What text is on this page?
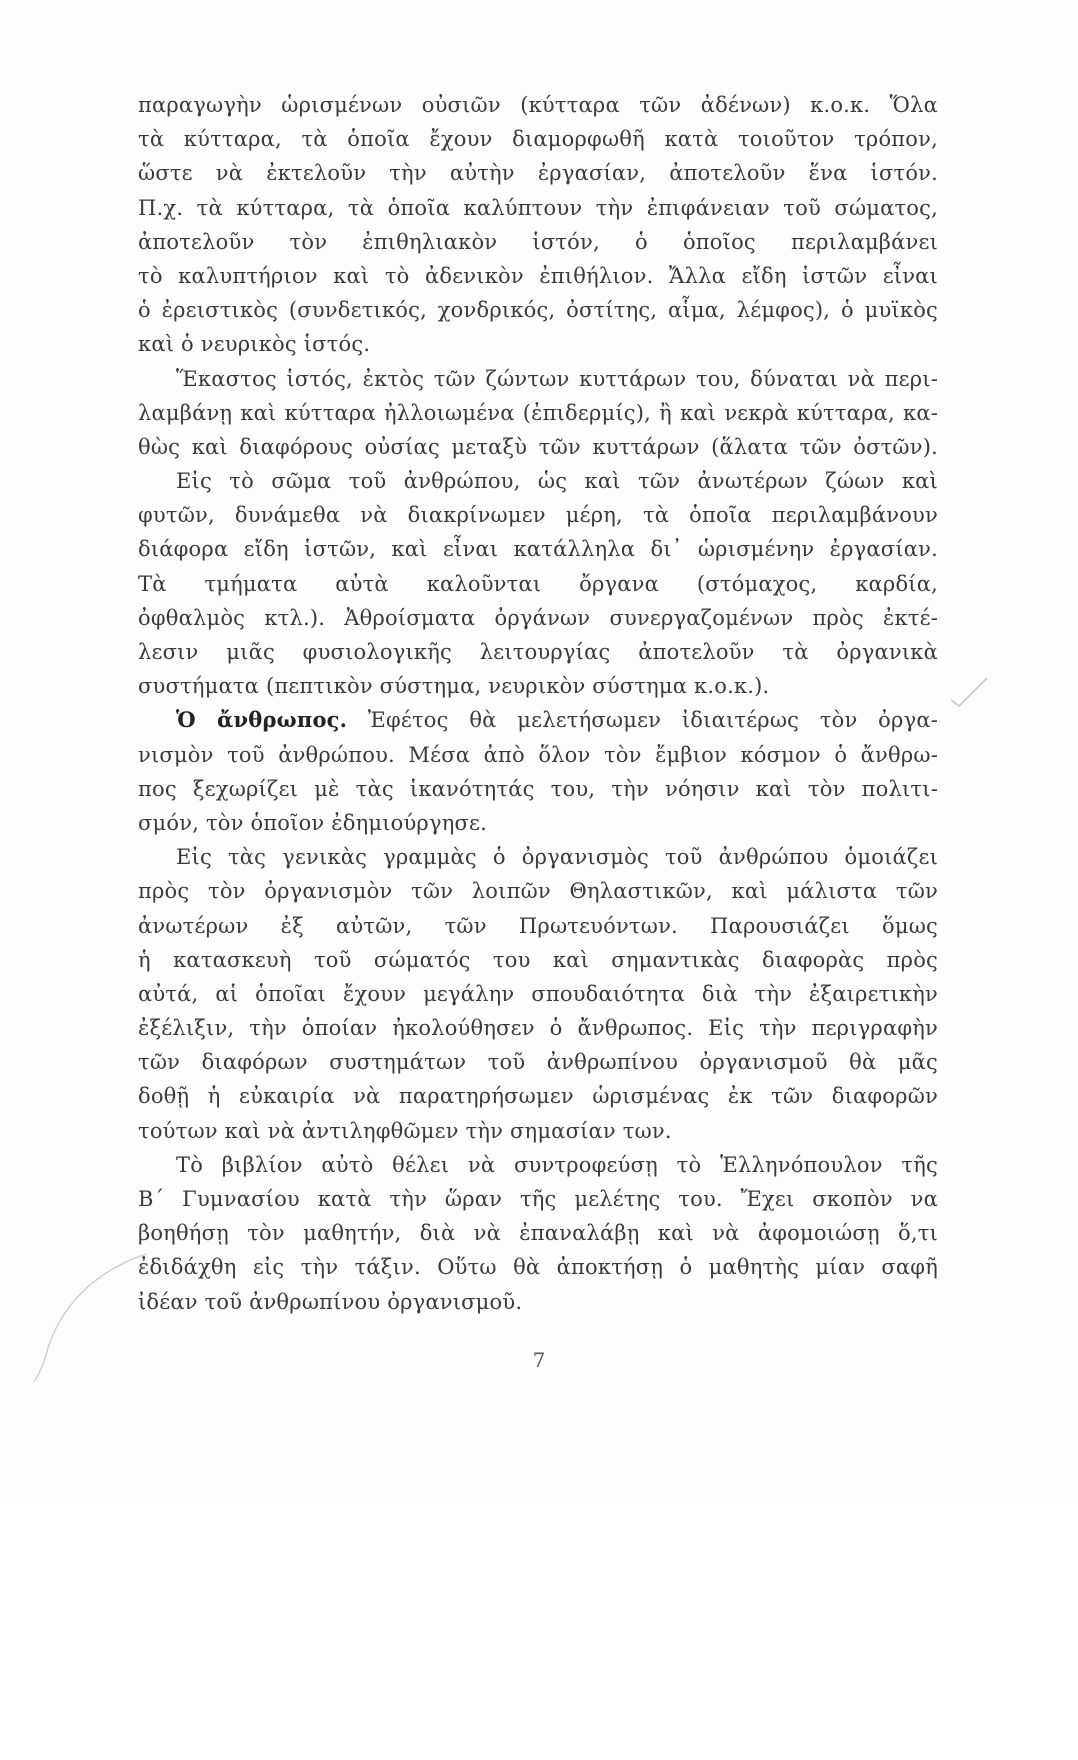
παραγωγὴν ὡρισμένων οὐσιῶν (κύτταρα τῶν ἀδένων) κ.ο.κ. Ὅλα
τὰ κύτταρα, τὰ ὁποῖα ἔχουν διαμορφωθῆ κατὰ τοιοῦτον τρόπον,
ὥστε νὰ ἐκτελοῦν τὴν αὐτὴν ἐργασίαν, ἀποτελοῦν ἕνα ἱστόν.
Π.χ. τὰ κύτταρα, τὰ ὁποῖα καλύπτουν τὴν ἐπιφάνειαν τοῦ σώματος,
ἀποτελοῦν τὸν ἐπιθηλιακὸν ἱστόν, ὁ ὁποῖος περιλαμβάνει
τὸ καλυπτήριον καὶ τὸ ἀδενικὸν ἐπιθήλιον. Ἄλλα εἴδη ἱστῶν εἶναι
ὁ ἐρειστικὸς (συνδετικός, χονδρικός, ὀστίτης, αἷμα, λέμφος), ὁ μυϊκὸς
καὶ ὁ νευρικὸς ἱστός.
Ἕκαστος ἱστός, ἐκτὸς τῶν ζώντων κυττάρων του, δύναται νὰ περι-
λαμβάνῃ καὶ κύτταρα ἠλλοιωμένα (ἐπιδερμίς), ἢ καὶ νεκρὰ κύτταρα, κα-
θὼς καὶ διαφόρους οὐσίας μεταξὺ τῶν κυττάρων (ἅλατα τῶν ὀστῶν).
Εἰς τὸ σῶμα τοῦ ἀνθρώπου, ὡς καὶ τῶν ἀνωτέρων ζώων καὶ
φυτῶν, δυνάμεθα νὰ διακρίνωμεν μέρη, τὰ ὁποῖα περιλαμβάνουν
διάφορα εἴδη ἱστῶν, καὶ εἶναι κατάλληλα δι᾿ ὡρισμένην ἐργασίαν.
Τὰ τμήματα αὐτὰ καλοῦνται ὄργανα (στόμαχος, καρδία,
ὀφθαλμὸς κτλ.). Ἀθροίσματα ὀργάνων συνεργαζομένων πρὸς ἐκτέ-
λεσιν μιᾶς φυσιολογικῆς λειτουργίας ἀποτελοῦν τὰ ὀργανικὰ
συστήματα (πεπτικὸν σύστημα, νευρικὸν σύστημα κ.ο.κ.).
Ὁ ἄνθρωπος. Ἐφέτος θὰ μελετήσωμεν ἰδιαιτέρως τὸν ὀργα-
νισμὸν τοῦ ἀνθρώπου. Μέσα ἀπὸ ὅλον τὸν ἔμβιον κόσμον ὁ ἄνθρω-
πος ξεχωρίζει μὲ τὰς ἱκανότητάς του, τὴν νόησιν καὶ τὸν πολιτι-
σμόν, τὸν ὁποῖον ἐδημιούργησε.
Εἰς τὰς γενικὰς γραμμὰς ὁ ὀργανισμὸς τοῦ ἀνθρώπου ὁμοιάζει
πρὸς τὸν ὀργανισμὸν τῶν λοιπῶν Θηλαστικῶν, καὶ μάλιστα τῶν
ἀνωτέρων ἐξ αὐτῶν, τῶν Πρωτευόντων. Παρουσιάζει ὅμως
ἡ κατασκευὴ τοῦ σώματός του καὶ σημαντικὰς διαφορὰς πρὸς
αὐτά, αἱ ὁποῖαι ἔχουν μεγάλην σπουδαιότητα διὰ τὴν ἐξαιρετικὴν
ἐξέλιξιν, τὴν ὁποίαν ἠκολούθησεν ὁ ἄνθρωπος. Εἰς τὴν περιγραφὴν
τῶν διαφόρων συστημάτων τοῦ ἀνθρωπίνου ὀργανισμοῦ θὰ μᾶς
δοθῇ ἡ εὐκαιρία νὰ παρατηρήσωμεν ὡρισμένας ἐκ τῶν διαφορῶν
τούτων καὶ νὰ ἀντιληφθῶμεν τὴν σημασίαν των.
Τὸ βιβλίον αὐτὸ θέλει νὰ συντροφεύσῃ τὸ Ἑλληνόπουλον τῆς
Β΄ Γυμνασίου κατὰ τὴν ὥραν τῆς μελέτης του. Ἔχει σκοπὸν να
βοηθήσῃ τὸν μαθητήν, διὰ νὰ ἐπαναλάβῃ καὶ νὰ ἀφομοιώσῃ ὅ,τι
ἐδιδάχθη εἰς τὴν τάξιν. Οὕτω θὰ ἀποκτήσῃ ὁ μαθητὴς μίαν σαφῆ
ἰδέαν τοῦ ἀνθρωπίνου ὀργανισμοῦ.
7
